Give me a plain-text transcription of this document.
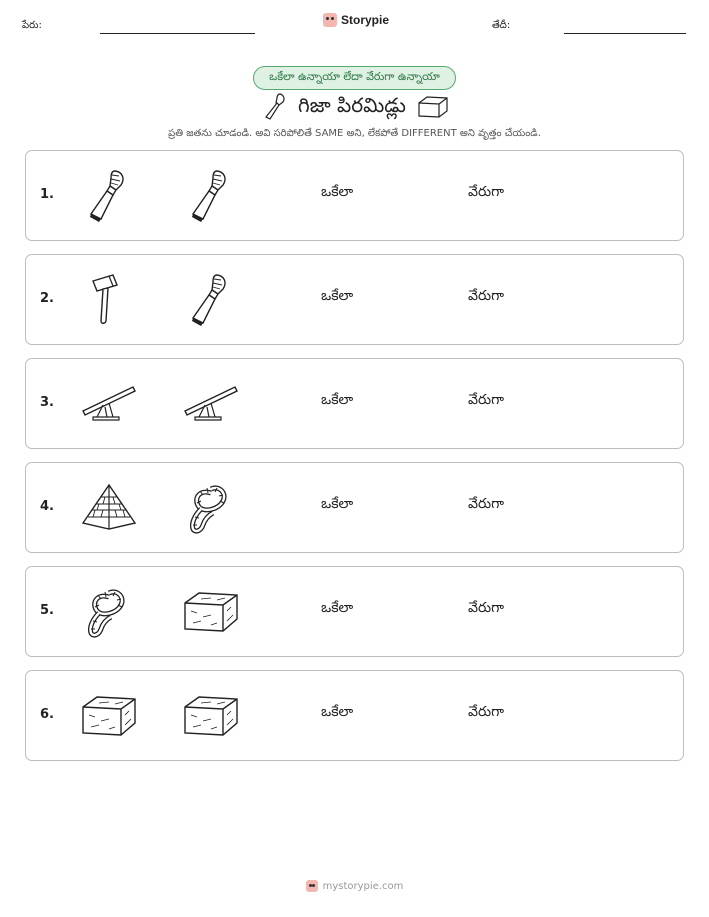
పేరు:	Storypie	తేదీ:
ఒకేలా ఉన్నాయా లేదా వేరుగా ఉన్నాయా
గిజా పిరమిడ్లు
ప్రతి జతను చూడండి. అవి సరిపోలితే SAME అని, లేకపోతే DIFFERENT అని వృత్తం చేయండి.
1.	ఒకేలా	వేరుగా
2.	ఒకేలా	వేరుగా
3.	ఒకేలా	వేరుగా
4.	ఒకేలా	వేరుగా
5.	ఒకేలా	వేరుగా
6.	ఒకేలా	వేరుగా
mystorypie.com
